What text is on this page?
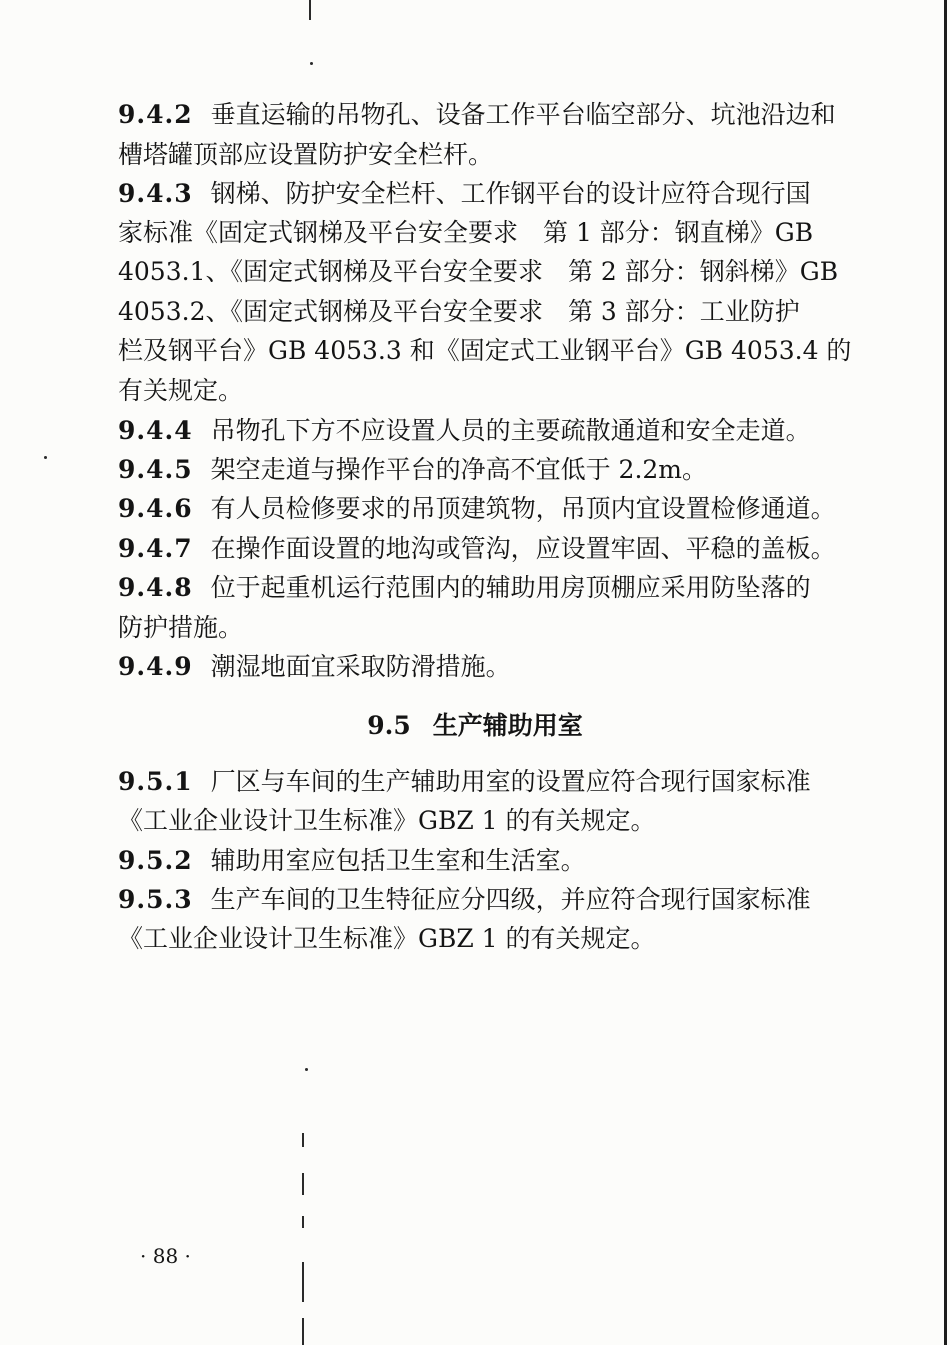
9.4.2 垂直运输的吊物孔、设备工作平台临空部分、坑池沿边和
槽塔罐顶部应设置防护安全栏杆。
9.4.3 钢梯、防护安全栏杆、工作钢平台的设计应符合现行国
家标准《固定式钢梯及平台安全要求　第 1 部分：钢直梯》GB
4053.1、《固定式钢梯及平台安全要求　第 2 部分：钢斜梯》GB
4053.2、《固定式钢梯及平台安全要求　第 3 部分：工业防护
栏及钢平台》GB 4053.3 和《固定式工业钢平台》GB 4053.4 的
有关规定。
9.4.4 吊物孔下方不应设置人员的主要疏散通道和安全走道。
9.4.5 架空走道与操作平台的净高不宜低于 2.2m。
9.4.6 有人员检修要求的吊顶建筑物，吊顶内宜设置检修通道。
9.4.7 在操作面设置的地沟或管沟，应设置牢固、平稳的盖板。
9.4.8 位于起重机运行范围内的辅助用房顶棚应采用防坠落的
防护措施。
9.4.9 潮湿地面宜采取防滑措施。
9.5 生产辅助用室
9.5.1 厂区与车间的生产辅助用室的设置应符合现行国家标准
《工业企业设计卫生标准》GBZ 1 的有关规定。
9.5.2 辅助用室应包括卫生室和生活室。
9.5.3 生产车间的卫生特征应分四级，并应符合现行国家标准
《工业企业设计卫生标准》GBZ 1 的有关规定。
· 88 ·
